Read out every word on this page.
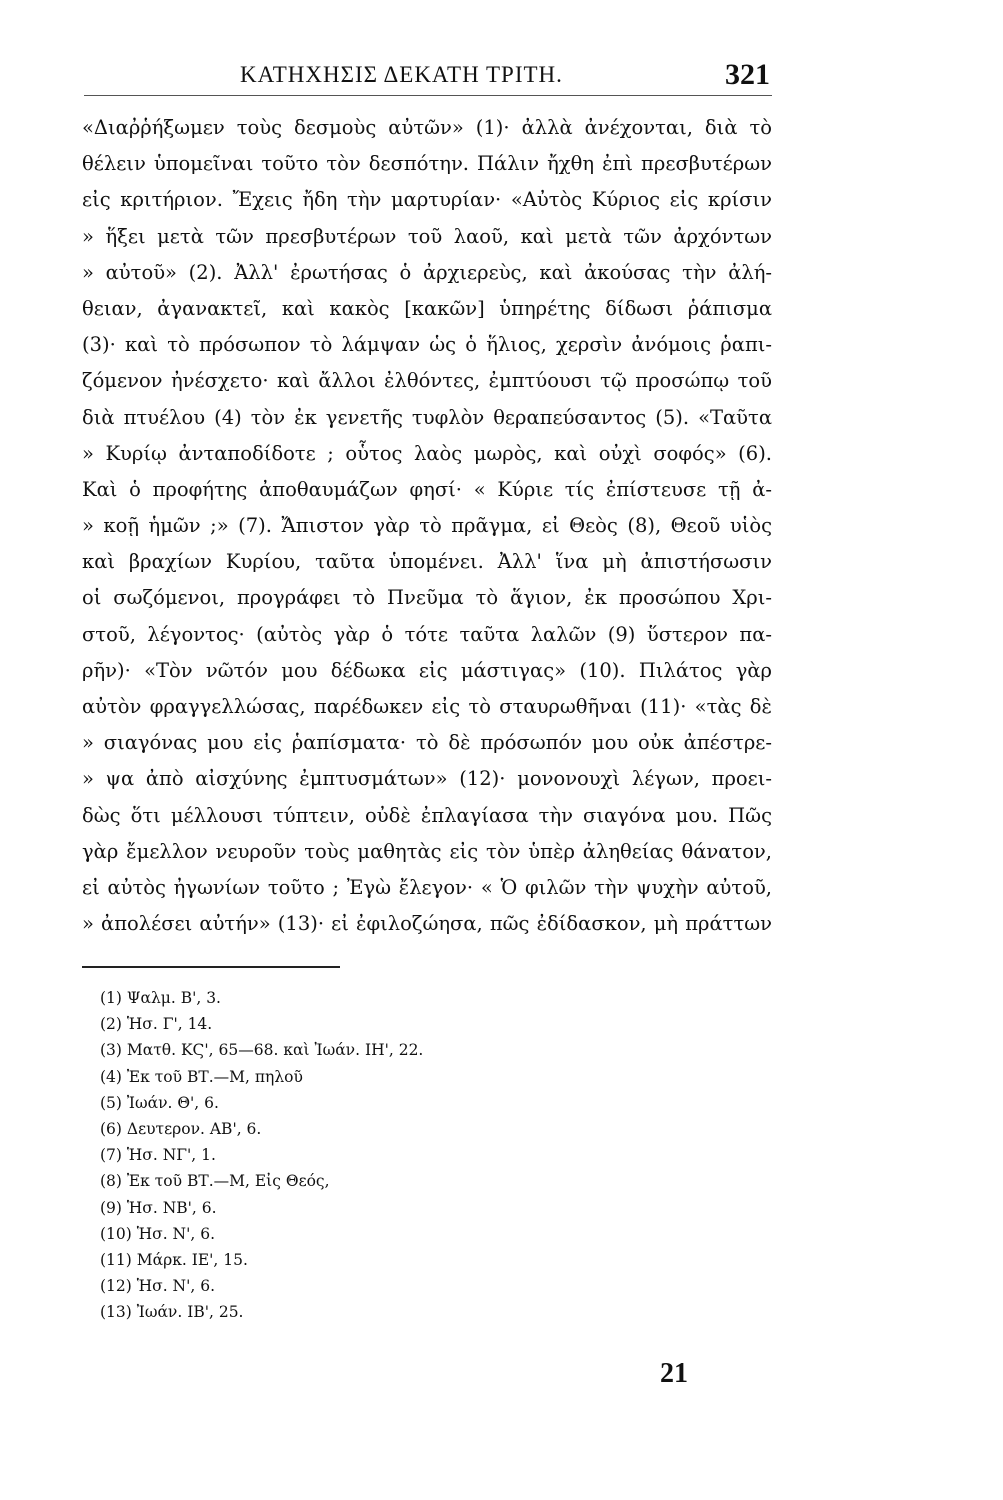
ΚΑΤΗΧΗΣΙΣ ΔΕΚΑΤΗ ΤΡΙΤΗ.	321
«Διαῤῥήξωμεν τοὺς δεσμοὺς αὐτῶν» (1)· ἀλλὰ ἀνέχονται, διὰ τὸ
θέλειν ὑπομεῖναι τοῦτο τὸν δεσπότην. Πάλιν ἤχθη ἐπὶ πρεσβυτέρων
εἰς κριτήριον. Ἔχεις ἤδη τὴν μαρτυρίαν· «Αὐτὸς Κύριος εἰς κρίσιν
» ἥξει μετὰ τῶν πρεσβυτέρων τοῦ λαοῦ, καὶ μετὰ τῶν ἀρχόντων
» αὐτοῦ» (2). Ἀλλ' ἐρωτήσας ὁ ἀρχιερεὺς, καὶ ἀκούσας τὴν ἀλή-
θειαν, ἀγανακτεῖ, καὶ κακὸς [κακῶν] ὑπηρέτης δίδωσι ῥάπισμα
(3)· καὶ τὸ πρόσωπον τὸ λάμψαν ὡς ὁ ἥλιος, χερσὶν ἀνόμοις ῥαπι-
ζόμενον ἠνέσχετο· καὶ ἄλλοι ἐλθόντες, ἐμπτύουσι τῷ προσώπῳ τοῦ
διὰ πτυέλου (4) τὸν ἐκ γενετῆς τυφλὸν θεραπεύσαντος (5). «Ταῦτα
» Κυρίῳ ἀνταποδίδοτε ; οὗτος λαὸς μωρὸς, καὶ οὐχὶ σοφός» (6).
Καὶ ὁ προφήτης ἀποθαυμάζων φησί· « Κύριε τίς ἐπίστευσε τῇ ἀ-
» κοῇ ἡμῶν ;» (7). Ἄπιστον γὰρ τὸ πρᾶγμα, εἰ Θεὸς (8), Θεοῦ υἱὸς
καὶ βραχίων Κυρίου, ταῦτα ὑπομένει. Ἀλλ' ἵνα μὴ ἀπιστήσωσιν
οἱ σωζόμενοι, προγράφει τὸ Πνεῦμα τὸ ἅγιον, ἐκ προσώπου Χρι-
στοῦ, λέγοντος· (αὐτὸς γὰρ ὁ τότε ταῦτα λαλῶν (9) ὕστερον πα-
ρῆν)· «Τὸν νῶτόν μου δέδωκα εἰς μάστιγας» (10). Πιλάτος γὰρ
αὐτὸν φραγγελλώσας, παρέδωκεν εἰς τὸ σταυρωθῆναι (11)· «τὰς δὲ
» σιαγόνας μου εἰς ῥαπίσματα· τὸ δὲ πρόσωπόν μου οὐκ ἀπέστρε-
» ψα ἀπὸ αἰσχύνης ἐμπτυσμάτων» (12)· μονονουχὶ λέγων, προει-
δὼς ὅτι μέλλουσι τύπτειν, οὐδὲ ἐπλαγίασα τὴν σιαγόνα μου. Πῶς
γὰρ ἔμελλον νευροῦν τοὺς μαθητὰς εἰς τὸν ὑπὲρ ἀληθείας θάνατον,
εἰ αὐτὸς ἠγωνίων τοῦτο ; Ἐγὼ ἔλεγον· « Ὁ φιλῶν τὴν ψυχὴν αὐτοῦ,
» ἀπολέσει αὐτήν» (13)· εἰ ἐφιλοζώησα, πῶς ἐδίδασκον, μὴ πράττων
(1) Ψαλμ. Β', 3.
(2) Ἡσ. Γ', 14.
(3) Ματθ. ΚϚ', 65—68. καὶ Ἰωάν. ΙΗ', 22.
(4) Ἐκ τοῦ ΒΤ.—Μ, πηλοῦ
(5) Ἰωάν. Θ', 6.
(6) Δευτερον. ΑΒ', 6.
(7) Ἡσ. ΝΓ', 1.
(8) Ἐκ τοῦ ΒΤ.—Μ, Εἰς Θεός,
(9) Ἡσ. ΝΒ', 6.
(10) Ἡσ. Ν', 6.
(11) Μάρκ. ΙΕ', 15.
(12) Ἡσ. Ν', 6.
(13) Ἰωάν. ΙΒ', 25.
21
